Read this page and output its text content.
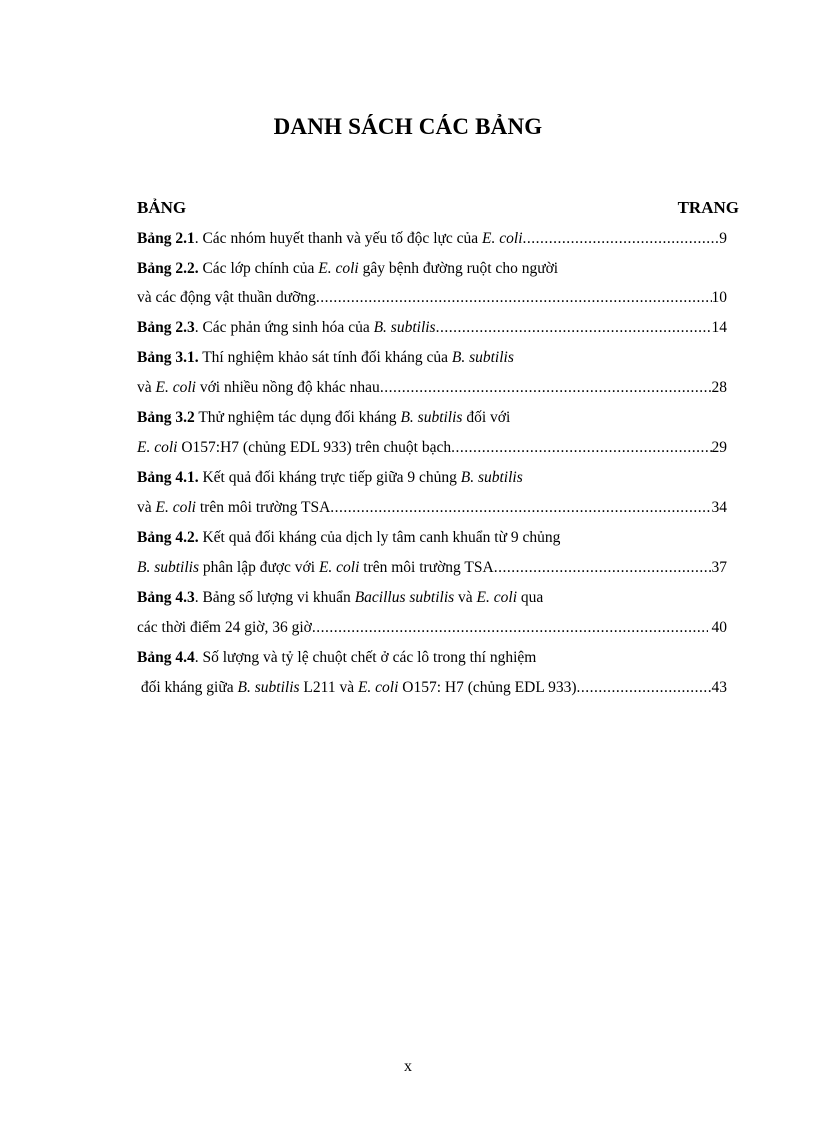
DANH SÁCH CÁC BẢNG
BẢNG	TRANG
Bảng 2.1. Các nhóm huyết thanh và yếu tố độc lực của E. coli .....	9
Bảng 2.2. Các lớp chính của E. coli gây bệnh đường ruột cho người
và các động vật thuần dưỡng .....	10
Bảng 2.3. Các phản ứng sinh hóa của B. subtilis .....	14
Bảng 3.1. Thí nghiệm khảo sát tính đối kháng của B. subtilis
và E. coli với nhiều nồng độ khác nhau .....	28
Bảng 3.2 Thử nghiệm tác dụng đối kháng B. subtilis đối với
E. coli O157:H7 (chủng EDL 933) trên chuột bạch .....	29
Bảng 4.1. Kết quả đối kháng trực tiếp giữa 9 chủng B. subtilis
và E. coli trên môi trường TSA .....	34
Bảng 4.2. Kết quả đối kháng của dịch ly tâm canh khuẩn từ 9 chủng
B. subtilis phân lập được với E. coli trên môi trường TSA .....	37
Bảng 4.3. Bảng số lượng vi khuẩn Bacillus subtilis và E. coli qua
các thời điểm 24 giờ, 36 giờ .....	40
Bảng 4.4. Số lượng và tỷ lệ chuột chết ở các lô trong thí nghiệm
đối kháng giữa B. subtilis L211 và E. coli O157: H7 (chủng EDL 933) .....	43
x
